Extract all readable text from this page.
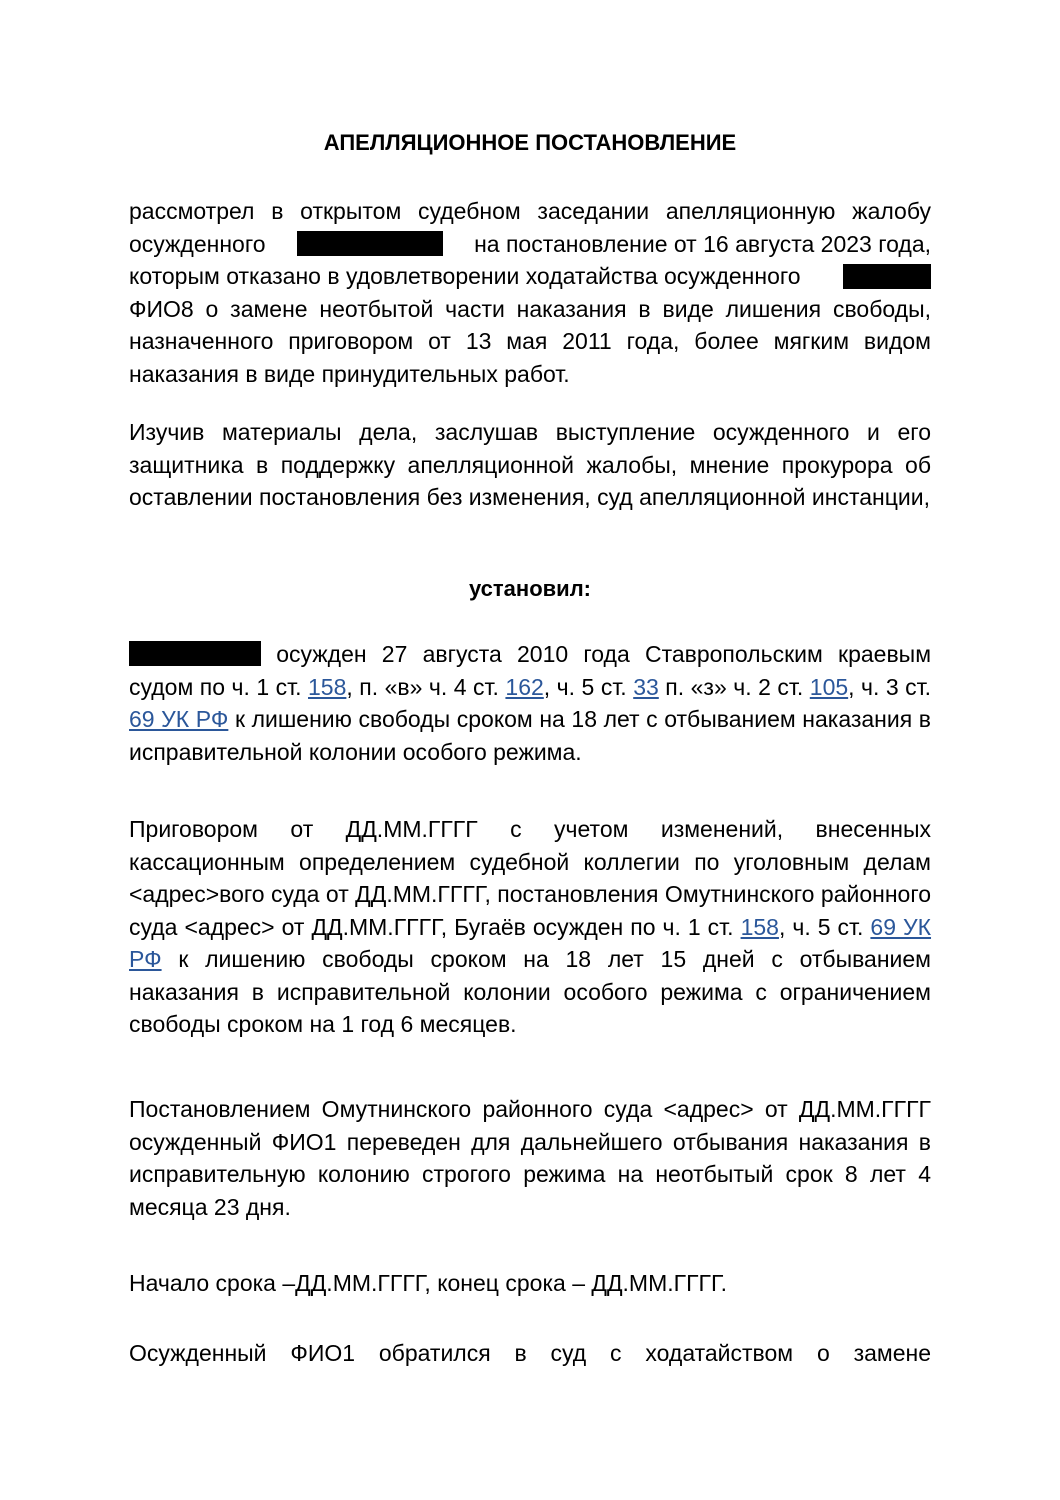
АПЕЛЛЯЦИОННОЕ ПОСТАНОВЛЕНИЕ
рассмотрел в открытом судебном заседании апелляционную жалобу
осужденного	на постановление от 16 августа 2023 года,
которым отказано в удовлетворении ходатайства осужденного
ФИО8 о замене неотбытой части наказания в виде лишения свободы, назначенного приговором от 13 мая 2011 года, более мягким видом наказания в виде принудительных работ.
Изучив материалы дела, заслушав выступление осужденного и его защитника в поддержку апелляционной жалобы, мнение прокурора об оставлении постановления без изменения, суд апелляционной инстанции,
установил:
осужден 27 августа 2010 года Ставропольским краевым судом по ч. 1 ст. 158, п. «в» ч. 4 ст. 162, ч. 5 ст. 33 п. «з» ч. 2 ст. 105, ч. 3 ст. 69 УК РФ к лишению свободы сроком на 18 лет с отбыванием наказания в исправительной колонии особого режима.
Приговором от ДД.ММ.ГГГГ с учетом изменений, внесенных кассационным определением судебной коллегии по уголовным делам <адрес>вого суда от ДД.ММ.ГГГГ, постановления Омутнинского районного суда <адрес> от ДД.ММ.ГГГГ, Бугаёв осужден по ч. 1 ст. 158, ч. 5 ст. 69 УК РФ к лишению свободы сроком на 18 лет 15 дней с отбыванием наказания в исправительной колонии особого режима с ограничением свободы сроком на 1 год 6 месяцев.
Постановлением Омутнинского районного суда <адрес> от ДД.ММ.ГГГГ осужденный ФИО1 переведен для дальнейшего отбывания наказания в исправительную колонию строгого режима на неотбытый срок 8 лет 4 месяца 23 дня.
Начало срока –ДД.ММ.ГГГГ, конец срока – ДД.ММ.ГГГГ.
Осужденный ФИО1 обратился в суд с ходатайством о замене
